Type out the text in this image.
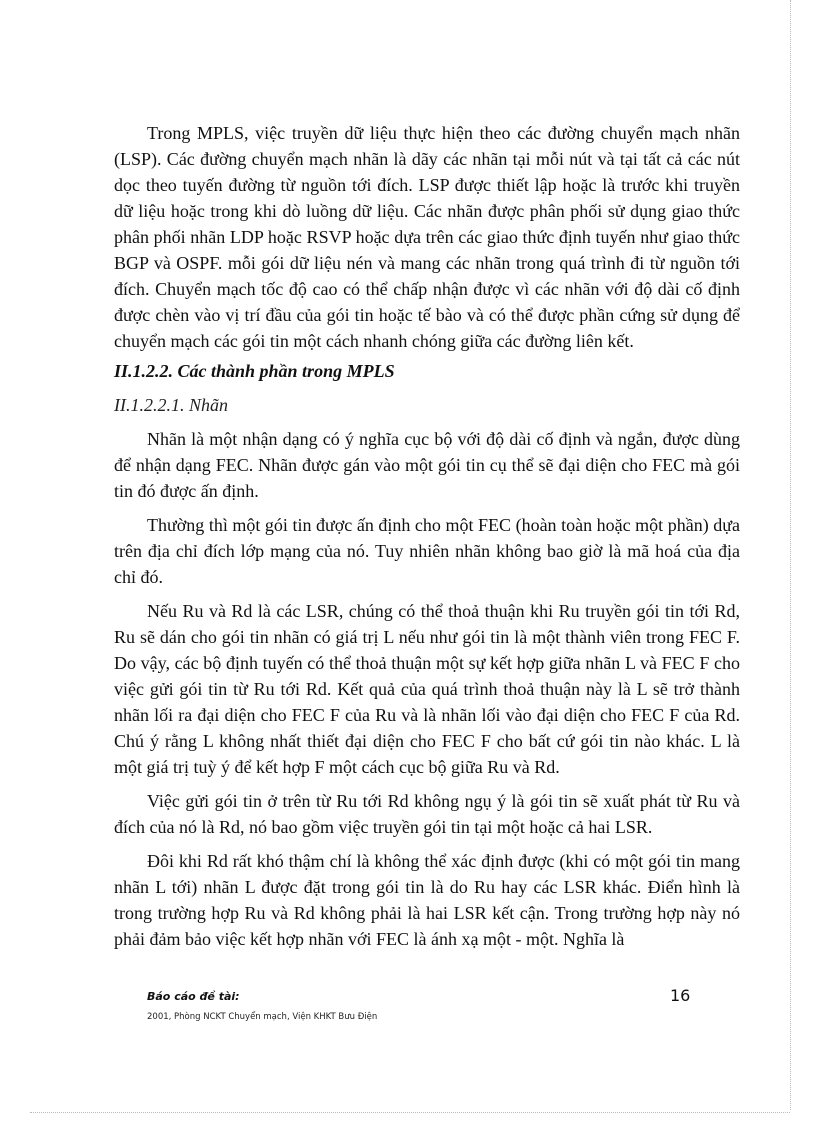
Trong MPLS, việc truyền dữ liệu thực hiện theo các đường chuyển mạch nhãn (LSP). Các đường chuyển mạch nhãn là dãy các nhãn tại mỗi nút và tại tất cả các nút dọc theo tuyến đường từ nguồn tới đích. LSP được thiết lập hoặc là trước khi truyền dữ liệu hoặc trong khi dò luồng dữ liệu. Các nhãn được phân phối sử dụng giao thức phân phối nhãn LDP hoặc RSVP hoặc dựa trên các giao thức định tuyến như giao thức BGP và OSPF. mỗi gói dữ liệu nén và mang các nhãn trong quá trình đi từ nguồn tới đích. Chuyển mạch tốc độ cao có thể chấp nhận được vì các nhãn với độ dài cố định được chèn vào vị trí đầu của gói tin hoặc tế bào và có thể được phần cứng sử dụng để chuyển mạch các gói tin một cách nhanh chóng giữa các đường liên kết.

II.1.2.2. Các thành phần trong MPLS
II.1.2.2.1. Nhãn

Nhãn là một nhận dạng có ý nghĩa cục bộ với độ dài cố định và ngắn, được dùng để nhận dạng FEC. Nhãn được gán vào một gói tin cụ thể sẽ đại diện cho FEC mà gói tin đó được ấn định.

Thường thì một gói tin được ấn định cho một FEC (hoàn toàn hoặc một phần) dựa trên địa chỉ đích lớp mạng của nó. Tuy nhiên nhãn không bao giờ là mã hoá của địa chỉ đó.

Nếu Ru và Rd là các LSR, chúng có thể thoả thuận khi Ru truyền gói tin tới Rd, Ru sẽ dán cho gói tin nhãn có giá trị L nếu như gói tin là một thành viên trong FEC F. Do vậy, các bộ định tuyến có thể thoả thuận một sự kết hợp giữa nhãn L và FEC F cho việc gửi gói tin từ Ru tới Rd. Kết quả của quá trình thoả thuận này là L sẽ trở thành nhãn lối ra đại diện cho FEC F của Ru và là nhãn lối vào đại diện cho FEC F của Rd. Chú ý rằng L không nhất thiết đại diện cho FEC F cho bất cứ gói tin nào khác. L là một giá trị tuỳ ý để kết hợp F một cách cục bộ giữa Ru và Rd.

Việc gửi gói tin ở trên từ Ru tới Rd không ngụ ý là gói tin sẽ xuất phát từ Ru và đích của nó là Rd, nó bao gồm việc truyền gói tin tại một hoặc cả hai LSR.

Đôi khi Rd rất khó thậm chí là không thể xác định được (khi có một gói tin mang nhãn L tới) nhãn L được đặt trong gói tin là do Ru hay các LSR khác. Điển hình là trong trường hợp Ru và Rd không phải là hai LSR kết cận. Trong trường hợp này nó phải đảm bảo việc kết hợp nhãn với FEC là ánh xạ một - một. Nghĩa là

Báo cáo đề tài:
2001, Phòng NCKT Chuyển mạch, Viện KHKT Bưu Điện
16
